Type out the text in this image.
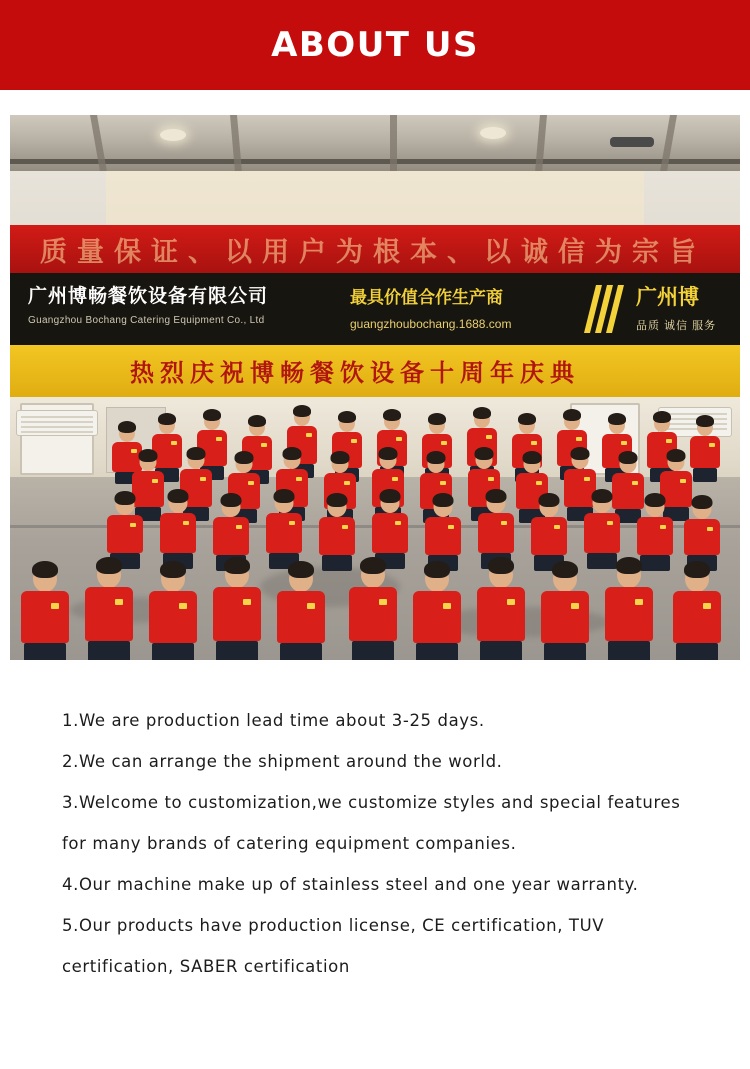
ABOUT US
质量保证、以用户为根本、以诚信为宗旨
广州博畅餐饮设备有限公司
Guangzhou Bochang Catering Equipment Co., Ltd
最具价值合作生产商
guangzhoubochang.1688.com
广州博
品质 诚信 服务
热烈庆祝博畅餐饮设备十周年庆典
1.We are production lead time about 3-25 days.
2.We can arrange the shipment around the world.
3.Welcome to customization,we customize styles and special features for many brands of catering equipment companies.
4.Our machine make up of stainless steel and one year warranty.
5.Our products have production license, CE certification, TUV certification, SABER certification
